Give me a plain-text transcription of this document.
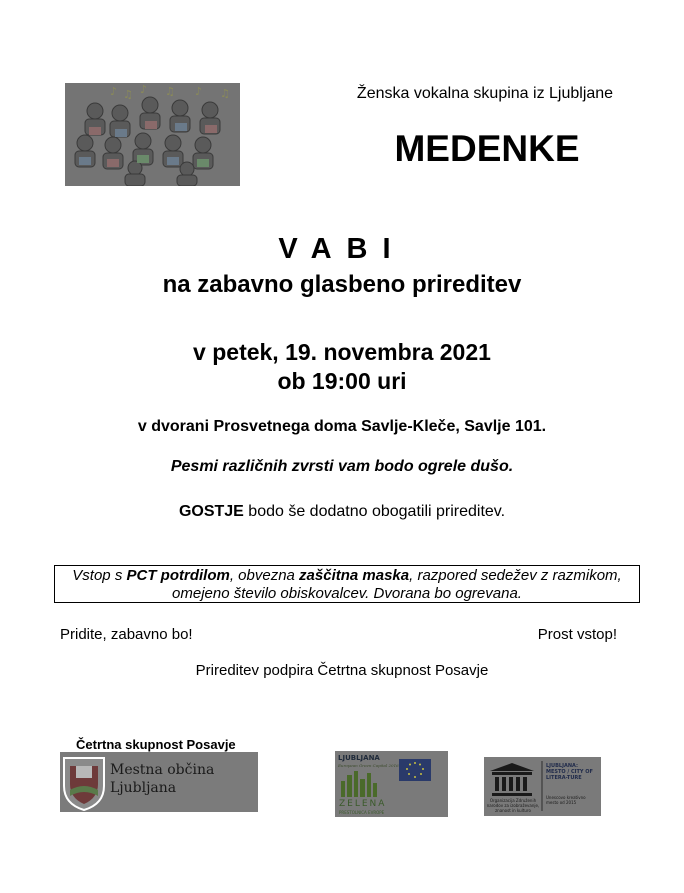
♪ ♫ ♪ ♫ ♪ ♫	Ženska vokalna skupina iz Ljubljane
MEDENKE
VABI
na zabavno glasbeno prireditev
v petek, 19. novembra 2021
ob 19:00 uri
v dvorani Prosvetnega doma Savlje-Kleče, Savlje 101.
Pesmi različnih zvrsti vam bodo ogrele dušo.
GOSTJE bodo še dodatno obogatili prireditev.
Vstop s PCT potrdilom, obvezna zaščitna maska, razpored sedežev z razmikom, omejeno število obiskovalcev. Dvorana bo ogrevana.
Pridite, zabavno bo!	Prost vstop!
Prireditev podpira Četrtna skupnost Posavje
Četrtna skupnost Posavje
Mestna občina
Ljubljana
LJUBLJANA
European Green Capital 2016
ZELENA
PRESTOLNICA EVROPE
Organizacija Združenih narodov za izobraževanje, znanost in kulturo
LJUBLJANA: MESTO / CITY OF LITERA-TURE
Unescovo kreativno mesto od 2015
